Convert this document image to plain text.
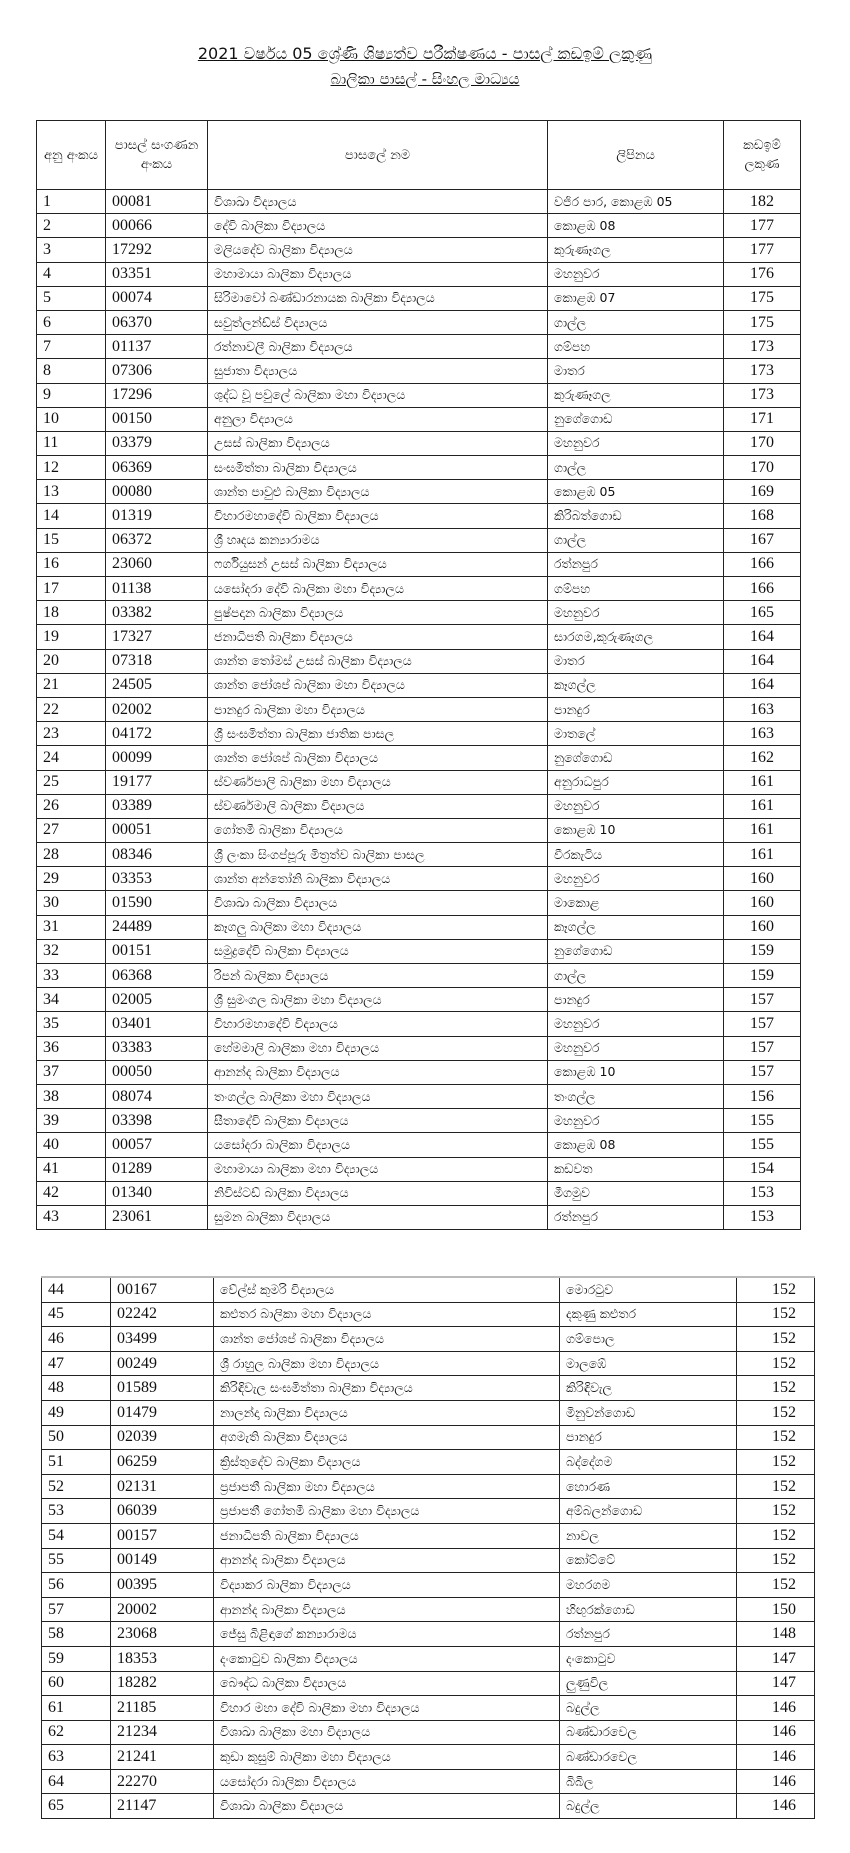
2021 වර්ෂය 05 ශ්‍රේණි ශිෂ්‍යත්ව පරීක්ෂණය - පාසල් කඩඉම් ලකුණු
බාලිකා පාසල් - සිංහල මාධ්‍යය
අනු අංකය	පාසල් සංගණන අංකය	පාසලේ නම	ලිපිනය	කඩඉම් ලකුණ
1	00081	විශාඛා විද්‍යාලය	වජිර පාර, කොළඹ 05	182
2	00066	දේවි බාලිකා විද්‍යාලය	කොළඹ 08	177
3	17292	මලියදේව බාලිකා විද්‍යාලය	කුරුණෑගල	177
4	03351	මහාමායා බාලිකා විද්‍යාලය	මහනුවර	176
5	00074	සිරිමාවෝ බණ්ඩාරනායක බාලිකා විද්‍යාලය	කොළඹ 07	175
6	06370	සවුත්ලන්ඩ්ස් විද්‍යාලය	ගාල්ල	175
7	01137	රත්නාවලී බාලිකා විද්‍යාලය	ගම්පහ	173
8	07306	සුජාතා විද්‍යාලය	මාතර	173
9	17296	ශුද්ධ වූ පවුලේ බාලිකා මහා විද්‍යාලය	කුරුණෑගල	173
10	00150	අනුලා විද්‍යාලය	නුගේගොඩ	171
11	03379	උසස් බාලිකා විද්‍යාලය	මහනුවර	170
12	06369	සංඝමිත්තා බාලිකා විද්‍යාලය	ගාල්ල	170
13	00080	ශාන්ත පාවුළු බාලිකා විද්‍යාලය	කොළඹ 05	169
14	01319	විහාරමහාදේවි බාලිකා විද්‍යාලය	කිරිබත්ගොඩ	168
15	06372	ශ්‍රී හෘදය කන්‍යාරාමය	ගාල්ල	167
16	23060	ෆර්ගියුසන් උසස් බාලිකා විද්‍යාලය	රත්නපුර	166
17	01138	යසෝදරා දේවි බාලිකා මහා විද්‍යාලය	ගම්පහ	166
18	03382	පුෂ්පදාන බාලිකා විද්‍යාලය	මහනුවර	165
19	17327	ජනාධිපති බාලිකා විද්‍යාලය	සාරගම,කුරුණෑගල	164
20	07318	ශාන්ත තෝමස් උසස් බාලිකා විද්‍යාලය	මාතර	164
21	24505	ශාන්ත ජෝශප් බාලිකා මහා විද්‍යාලය	කෑගල්ල	164
22	02002	පානදුර බාලිකා මහා විද්‍යාලය	පානදුර	163
23	04172	ශ්‍රී සංඝමිත්තා බාලිකා ජාතික පාසල	මාතලේ	163
24	00099	ශාන්ත ජෝශප් බාලිකා විද්‍යාලය	නුගේගොඩ	162
25	19177	ස්වර්ණපාලි බාලිකා මහා විද්‍යාලය	අනුරාධපුර	161
26	03389	ස්වර්ණමාලි බාලිකා විද්‍යාලය	මහනුවර	161
27	00051	ගෝතමී බාලිකා විද්‍යාලය	කොළඹ 10	161
28	08346	ශ්‍රී ලංකා සිංගප්පූරු මිත්‍රත්ව බාලිකා පාසල	වීරකැටිය	161
29	03353	ශාන්ත අන්තෝනි බාලිකා විද්‍යාලය	මහනුවර	160
30	01590	විශාඛා බාලිකා විද්‍යාලය	මාකොළ	160
31	24489	කෑගලු බාලිකා මහා විද්‍යාලය	කෑගල්ල	160
32	00151	සමුද්‍රදේවි බාලිකා විද්‍යාලය	නුගේගොඩ	159
33	06368	රිපන් බාලිකා විද්‍යාලය	ගාල්ල	159
34	02005	ශ්‍රී සුමංගල බාලිකා මහා විද්‍යාලය	පානදුර	157
35	03401	විහාරමහාදේවි විද්‍යාලය	මහනුවර	157
36	03383	හේමමාලි බාලිකා මහා විද්‍යාලය	මහනුවර	157
37	00050	ආනන්ද බාලිකා විද්‍යාලය	කොළඹ 10	157
38	08074	තංගල්ල බාලිකා මහා විද්‍යාලය	තංගල්ල	156
39	03398	සීතාදේවි බාලිකා විද්‍යාලය	මහනුවර	155
40	00057	යසෝදරා බාලිකා විද්‍යාලය	කොළඹ 08	155
41	01289	මහාමායා බාලිකා මහා විද්‍යාලය	කඩවත	154
42	01340	නිවිස්ටඩ් බාලිකා විද්‍යාලය	මීගමුව	153
43	23061	සුමන බාලිකා විද්‍යාලය	රත්නපුර	153
44	00167	වේල්ස් කුමරි විද්‍යාලය	මොරටුව	152
45	02242	කළුතර බාලිකා මහා විද්‍යාලය	දකුණු කළුතර	152
46	03499	ශාන්ත ජෝශප් බාලිකා විද්‍යාලය	ගම්පොල	152
47	00249	ශ්‍රී රාහුල බාලිකා මහා විද්‍යාලය	මාලඹේ	152
48	01589	කිරිඳිවැල සංඝමිත්තා බාලිකා විද්‍යාලය	කිරිඳිවැල	152
49	01479	නාලන්දා බාලිකා විද්‍යාලය	මිනුවන්ගොඩ	152
50	02039	අගමැති බාලිකා විද්‍යාලය	පානදුර	152
51	06259	ක්‍රිස්තුදේව බාලිකා විද්‍යාලය	බද්දේගම	152
52	02131	ප්‍රජාපතී බාලිකා මහා විද්‍යාලය	හොරණ	152
53	06039	ප්‍රජාපතී ගෝතමී බාලිකා මහා විද්‍යාලය	අම්බලන්ගොඩ	152
54	00157	ජනාධිපති බාලිකා විද්‍යාලය	නාවල	152
55	00149	ආනන්ද බාලිකා විද්‍යාලය	කෝට්ටේ	152
56	00395	විද්‍යාකර බාලිකා විද්‍යාලය	මහරගම	152
57	20002	ආනන්ද බාලිකා විද්‍යාලය	හිඟුරක්ගොඩ	150
58	23068	ජේසු බිළිඳාගේ කන්‍යාරාමය	රත්නපුර	148
59	18353	දංකොටුව බාලිකා විද්‍යාලය	දංකොටුව	147
60	18282	බෞද්ධ බාලිකා විද්‍යාලය	ලුණුවිල	147
61	21185	විහාර මහා දේවි බාලිකා මහා විද්‍යාලය	බදුල්ල	146
62	21234	විශාඛා බාලිකා මහා විද්‍යාලය	බණ්ඩාරවෙල	146
63	21241	කුඩා කුසුම් බාලිකා මහා විද්‍යාලය	බණ්ඩාරවෙල	146
64	22270	යසෝදරා බාලිකා විද්‍යාලය	බිබිල	146
65	21147	විශාඛා බාලිකා විද්‍යාලය	බදුල්ල	146
